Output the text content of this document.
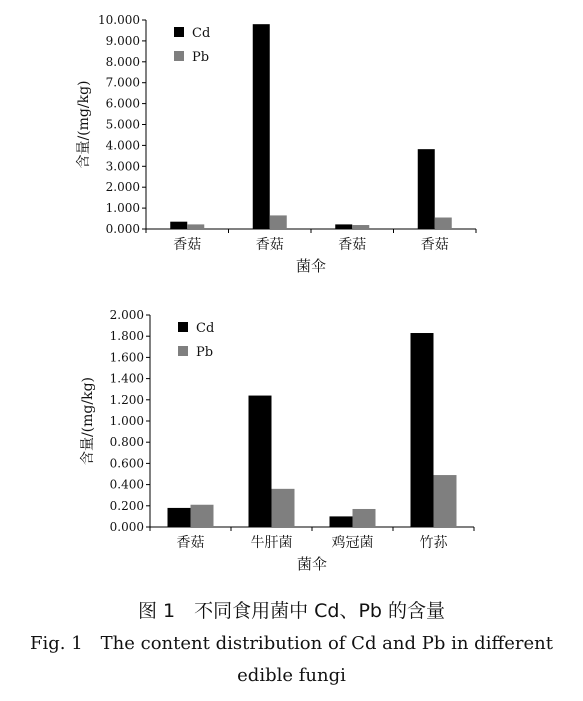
0.000
1.000
2.000
3.000
4.000
5.000
6.000
7.000
8.000
9.000
10.000
香菇	香菇	香菇	香菇
菌伞
含量/(mg/kg)
Cd
Pb
0.000
0.200
0.400
0.600
0.800
1.000
1.200
1.400
1.600
1.800
2.000
香菇	牛肝菌	鸡冠菌	竹荪
菌伞
含量/(mg/kg)
Cd
Pb
图 1　不同食用菌中 Cd、Pb 的含量
Fig. 1　The content distribution of Cd and Pb in different
edible fungi
